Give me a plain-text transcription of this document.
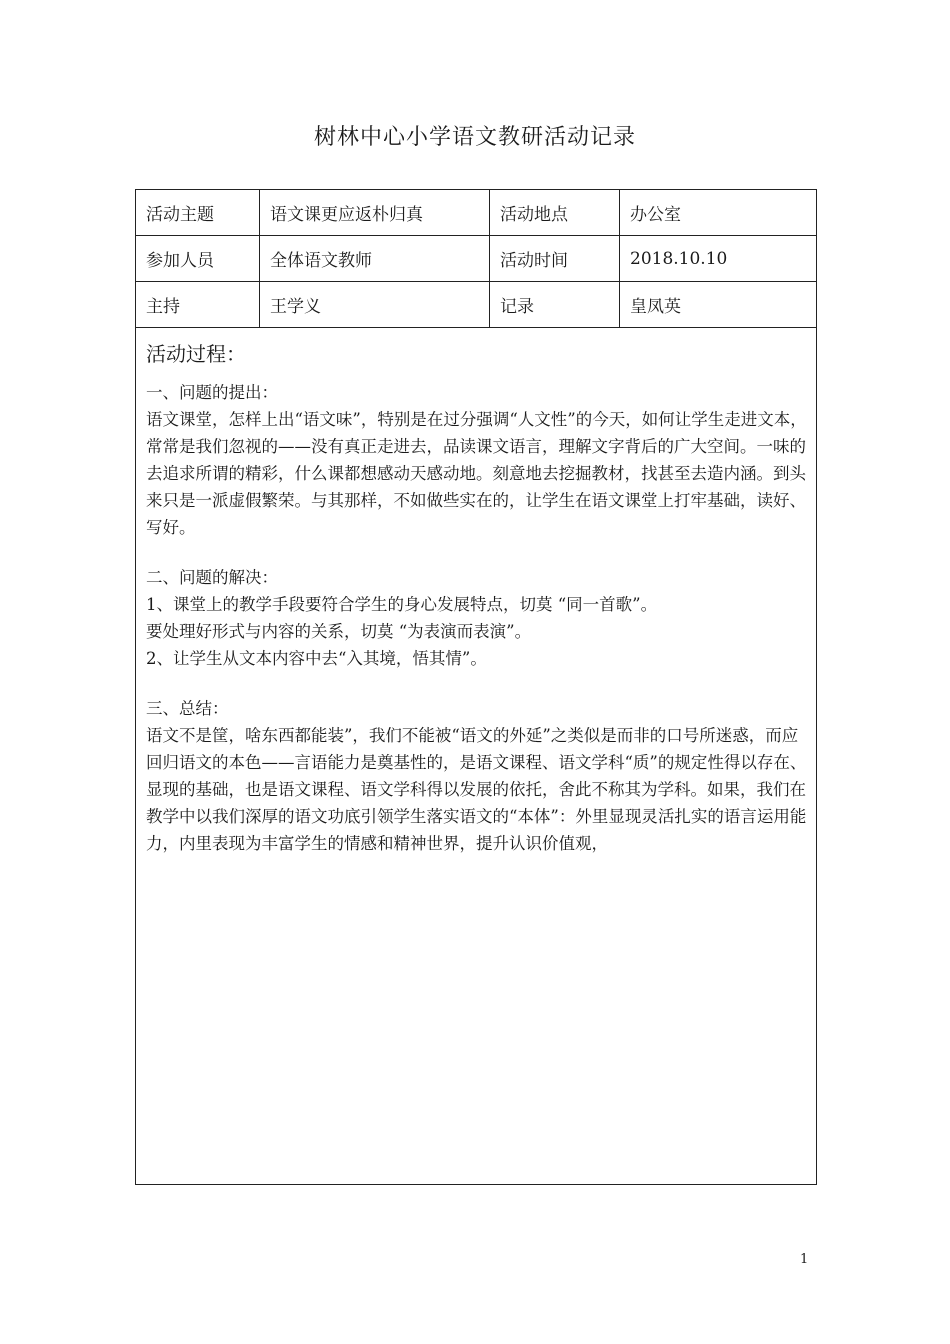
树林中心小学语文教研活动记录
活动主题	语文课更应返朴归真	活动地点	办公室
参加人员	全体语文教师	活动时间	2018.10.10
主持	王学义	记录	皇凤英
活动过程：

一、问题的提出：

语文课堂，怎样上出“语文味”，特别是在过分强调“人文性”的今天，如何让学生走进文本，常常是我们忽视的——没有真正走进去，品读课文语言，理解文字背后的广大空间。一味的去追求所谓的精彩，什么课都想感动天感动地。刻意地去挖掘教材，找甚至去造内涵。到头来只是一派虚假繁荣。与其那样，不如做些实在的，让学生在语文课堂上打牢基础，读好、写好。

二、问题的解决：

1、课堂上的教学手段要符合学生的身心发展特点，切莫 “同一首歌”。

要处理好形式与内容的关系，切莫 “为表演而表演”。

2、让学生从文本内容中去“入其境，悟其情”。

三、总结：

语文不是筐，啥东西都能装”，我们不能被“语文的外延”之类似是而非的口号所迷惑，而应回归语文的本色——言语能力是奠基性的，是语文课程、语文学科“质”的规定性得以存在、显现的基础，也是语文课程、语文学科得以发展的依托，舍此不称其为学科。如果，我们在教学中以我们深厚的语文功底引领学生落实语文的“本体”：外里显现灵活扎实的语言运用能力，内里表现为丰富学生的情感和精神世界，提升认识价值观，

1
